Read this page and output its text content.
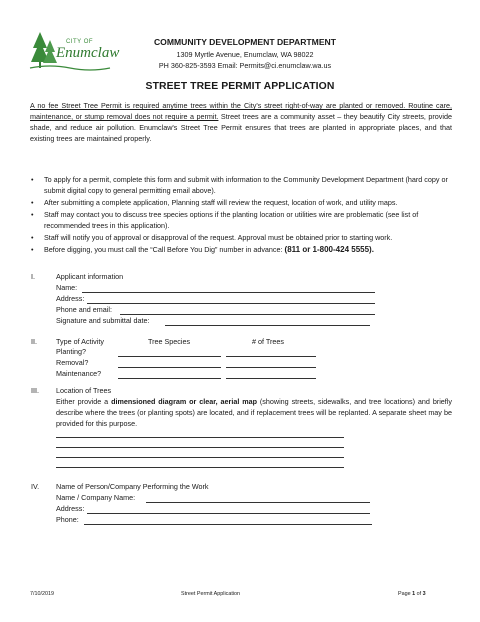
CITY OF
Enumclaw
COMMUNITY DEVELOPMENT DEPARTMENT
1309 Myrtle Avenue, Enumclaw, WA 98022
PH 360-825-3593 Email: Permits@ci.enumclaw.wa.us
STREET TREE PERMIT APPLICATION
A no fee Street Tree Permit is required anytime trees within the City's street right-of-way are planted or removed. Routine care, maintenance, or stump removal does not require a permit. Street trees are a community asset – they beautify City streets, provide shade, and reduce air pollution. Enumclaw's Street Tree Permit ensures that trees are planted in appropriate places, and that existing trees are maintained properly.
• To apply for a permit, complete this form and submit with information to the Community Development Department (hard copy or submit digital copy to general permitting email above).
• After submitting a complete application, Planning staff will review the request, location of work, and utility maps.
• Staff may contact you to discuss tree species options if the planting location or utilities wire are problematic (see list of recommended trees in this application).
• Staff will notify you of approval or disapproval of the request. Approval must be obtained prior to starting work.
• Before digging, you must call the “Call Before You Dig” number in advance: (811 or 1-800-424 5555).
I.	Applicant information
Name:
Address:
Phone and email:
Signature and submittal date:
II.	Type of Activity	Tree Species	# of Trees
Planting?
Removal?
Maintenance?
III. Location of Trees
Either provide a dimensioned diagram or clear, aerial map (showing streets, sidewalks, and tree locations) and briefly describe where the trees (or planting spots) are located, and if replacement trees will be replanted. A separate sheet may be provided for this purpose.
IV. Name of Person/Company Performing the Work
Name / Company Name:
Address:
Phone:
7/10/2019	Street Permit Application	Page 1 of 3
